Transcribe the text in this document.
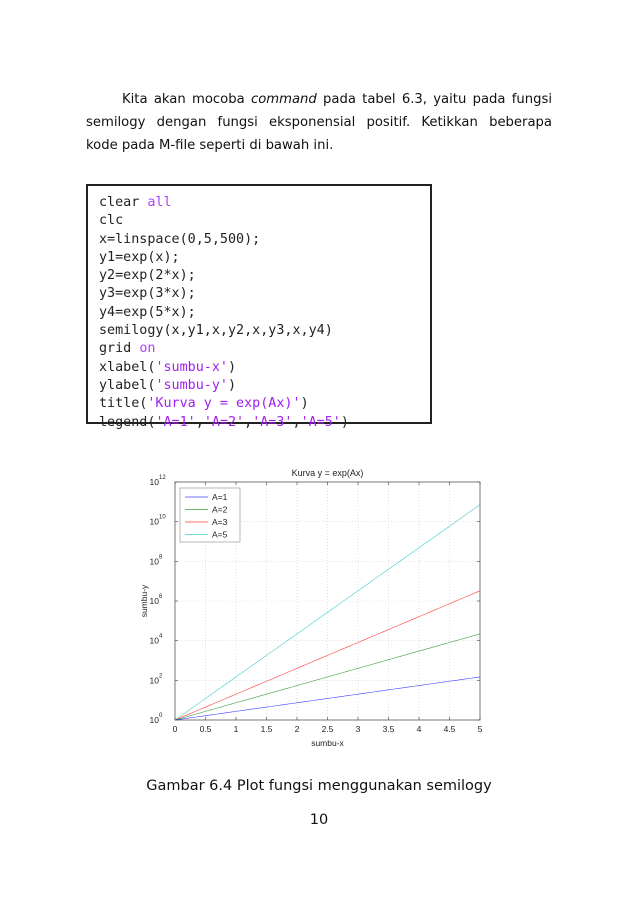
Kita akan mocoba command pada tabel 6.3, yaitu pada fungsi
semilogy dengan fungsi eksponensial positif. Ketikkan beberapa
kode pada M-file seperti di bawah ini.
clear all
clc
x=linspace(0,5,500);
y1=exp(x);
y2=exp(2*x);
y3=exp(3*x);
y4=exp(5*x);
semilogy(x,y1,x,y2,x,y3,x,y4)
grid on
xlabel('sumbu-x')
ylabel('sumbu-y')
title('Kurva y = exp(Ax)')
legend('A=1','A=2','A=3','A=5')
0	0.5	1	1.5	2	2.5	3	3.5	4	4.5	5
10 0
10 2
10 4
10 6
10 8
10 10
10 12	Kurva y = exp(Ax)
sumbu-x
sumbu-y
A=1
A=2
A=3
A=5
Gambar 6.4 Plot fungsi menggunakan semilogy
10
